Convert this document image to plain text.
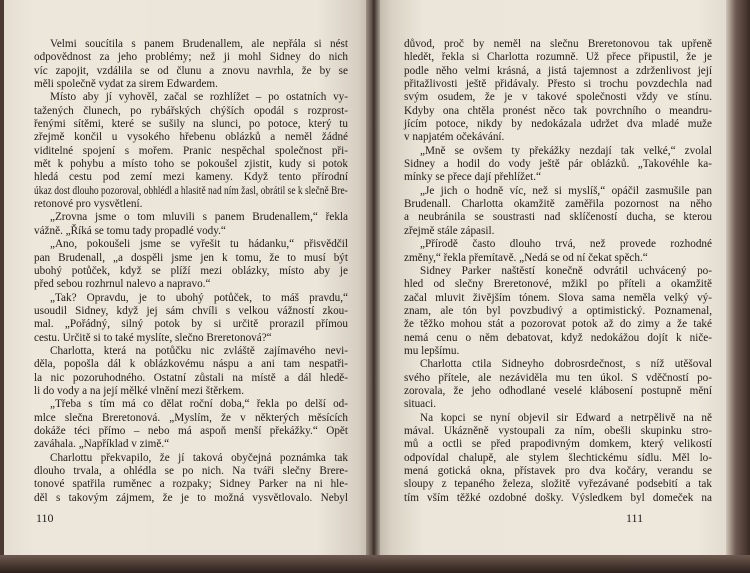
Velmi soucítila s panem Brudenallem, ale nepřála si nést
odpovědnost za jeho problémy; než ji mohl Sidney do nich
víc zapojit, vzdálila se od člunu a znovu navrhla, že by se
měli společně vydat za sirem Edwardem.
Místo aby jí vyhověl, začal se rozhlížet – po ostatních vy-
tažených člunech, po rybářských chýších opodál s rozprost-
řenými sítěmi, které se sušily na slunci, po potoce, který tu
zřejmě končil u vysokého hřebenu oblázků a neměl žádné
viditelné spojení s mořem. Pranic nespěchal společnost při-
mět k pohybu a místo toho se pokoušel zjistit, kudy si potok
hledá cestu pod zemí mezi kameny. Když tento přírodní
úkaz dost dlouho pozoroval, obhlédl a hlasitě nad ním žasl, obrátil se k slečně Bre-
retonové pro vysvětlení.
„Zrovna jsme o tom mluvili s panem Brudenallem,“ řekla
vážně. „Říká se tomu tady propadlé vody.“
„Ano, pokoušeli jsme se vyřešit tu hádanku,“ přisvědčil
pan Brudenall, „a dospěli jsme jen k tomu, že to musí být
ubohý potůček, když se plíží mezi oblázky, místo aby je
před sebou rozhrnul nalevo a napravo.“
„Tak? Opravdu, je to ubohý potůček, to máš pravdu,“
usoudil Sidney, když jej sám chvíli s velkou vážností zkou-
mal. „Pořádný, silný potok by si určitě prorazil přímou
cestu. Určitě si to také myslíte, slečno Breretonová?“
Charlotta, která na potůčku nic zvláště zajímavého nevi-
děla, popošla dál k oblázkovému náspu a ani tam nespatři-
la nic pozoruhodného. Ostatní zůstali na místě a dál hledě-
li do vody a na její mělké vlnění mezi štěrkem.
„Třeba s tím má co dělat roční doba,“ řekla po delší od-
mlce slečna Breretonová. „Myslím, že v některých měsících
dokáže téci přímo – nebo má aspoň menší překážky.“ Opět
zaváhala. „Například v zimě.“
Charlottu překvapilo, že jí taková obyčejná poznámka tak
dlouho trvala, a ohlédla se po nich. Na tváři slečny Brere-
tonové spatřila ruměnec a rozpaky; Sidney Parker na ni hle-
děl s takovým zájmem, že je to možná vysvětlovalo. Nebyl
110
důvod, proč by neměl na slečnu Breretonovou tak upřeně
hledět, řekla si Charlotta rozumně. Už přece připustil, že je
podle něho velmi krásná, a jistá tajemnost a zdrženlivost její
přitažlivosti ještě přidávaly. Přesto si trochu povzdechla nad
svým osudem, že je v takové společnosti vždy ve stínu.
Kdyby ona chtěla pronést něco tak povrchního o meandru-
jícím potoce, nikdy by nedokázala udržet dva mladé muže
v napjatém očekávání.
„Mně se ovšem ty překážky nezdají tak velké,“ zvolal
Sidney a hodil do vody ještě pár oblázků. „Takovéhle ka-
mínky se přece dají přehlížet.“
„Je jich o hodně víc, než si myslíš,“ opáčil zasmušile pan
Brudenall. Charlotta okamžitě zaměřila pozornost na něho
a neubránila se soustrasti nad sklíčeností ducha, se kterou
zřejmě stále zápasil.
„Přírodě často dlouho trvá, než provede rozhodné
změny,“ řekla přemítavě. „Nedá se od ní čekat spěch.“
Sidney Parker naštěstí konečně odvrátil uchvácený po-
hled od slečny Breretonové, mžikl po příteli a okamžitě
začal mluvit živějším tónem. Slova sama neměla velký vý-
znam, ale tón byl povzbudivý a optimistický. Poznamenal,
že těžko mohou stát a pozorovat potok až do zimy a že také
nemá cenu o něm debatovat, když nedokážou dojít k niče-
mu lepšímu.
Charlotta ctila Sidneyho dobrosrdečnost, s níž utěšoval
svého přítele, ale nezáviděla mu ten úkol. S vděčností po-
zorovala, že jeho odhodlané veselé klábosení postupně mění
situaci.
Na kopci se nyní objevil sir Edward a netrpělivě na ně
mával. Ukázněně vystoupali za ním, obešli skupinku stro-
mů a octli se před prapodivným domkem, který velikostí
odpovídal chalupě, ale stylem šlechtickému sídlu. Měl lo-
mená gotická okna, přístavek pro dva kočáry, verandu se
sloupy z tepaného železa, složitě vyřezávané podsebití a tak
tím vším těžké ozdobné došky. Výsledkem byl domeček na
111
